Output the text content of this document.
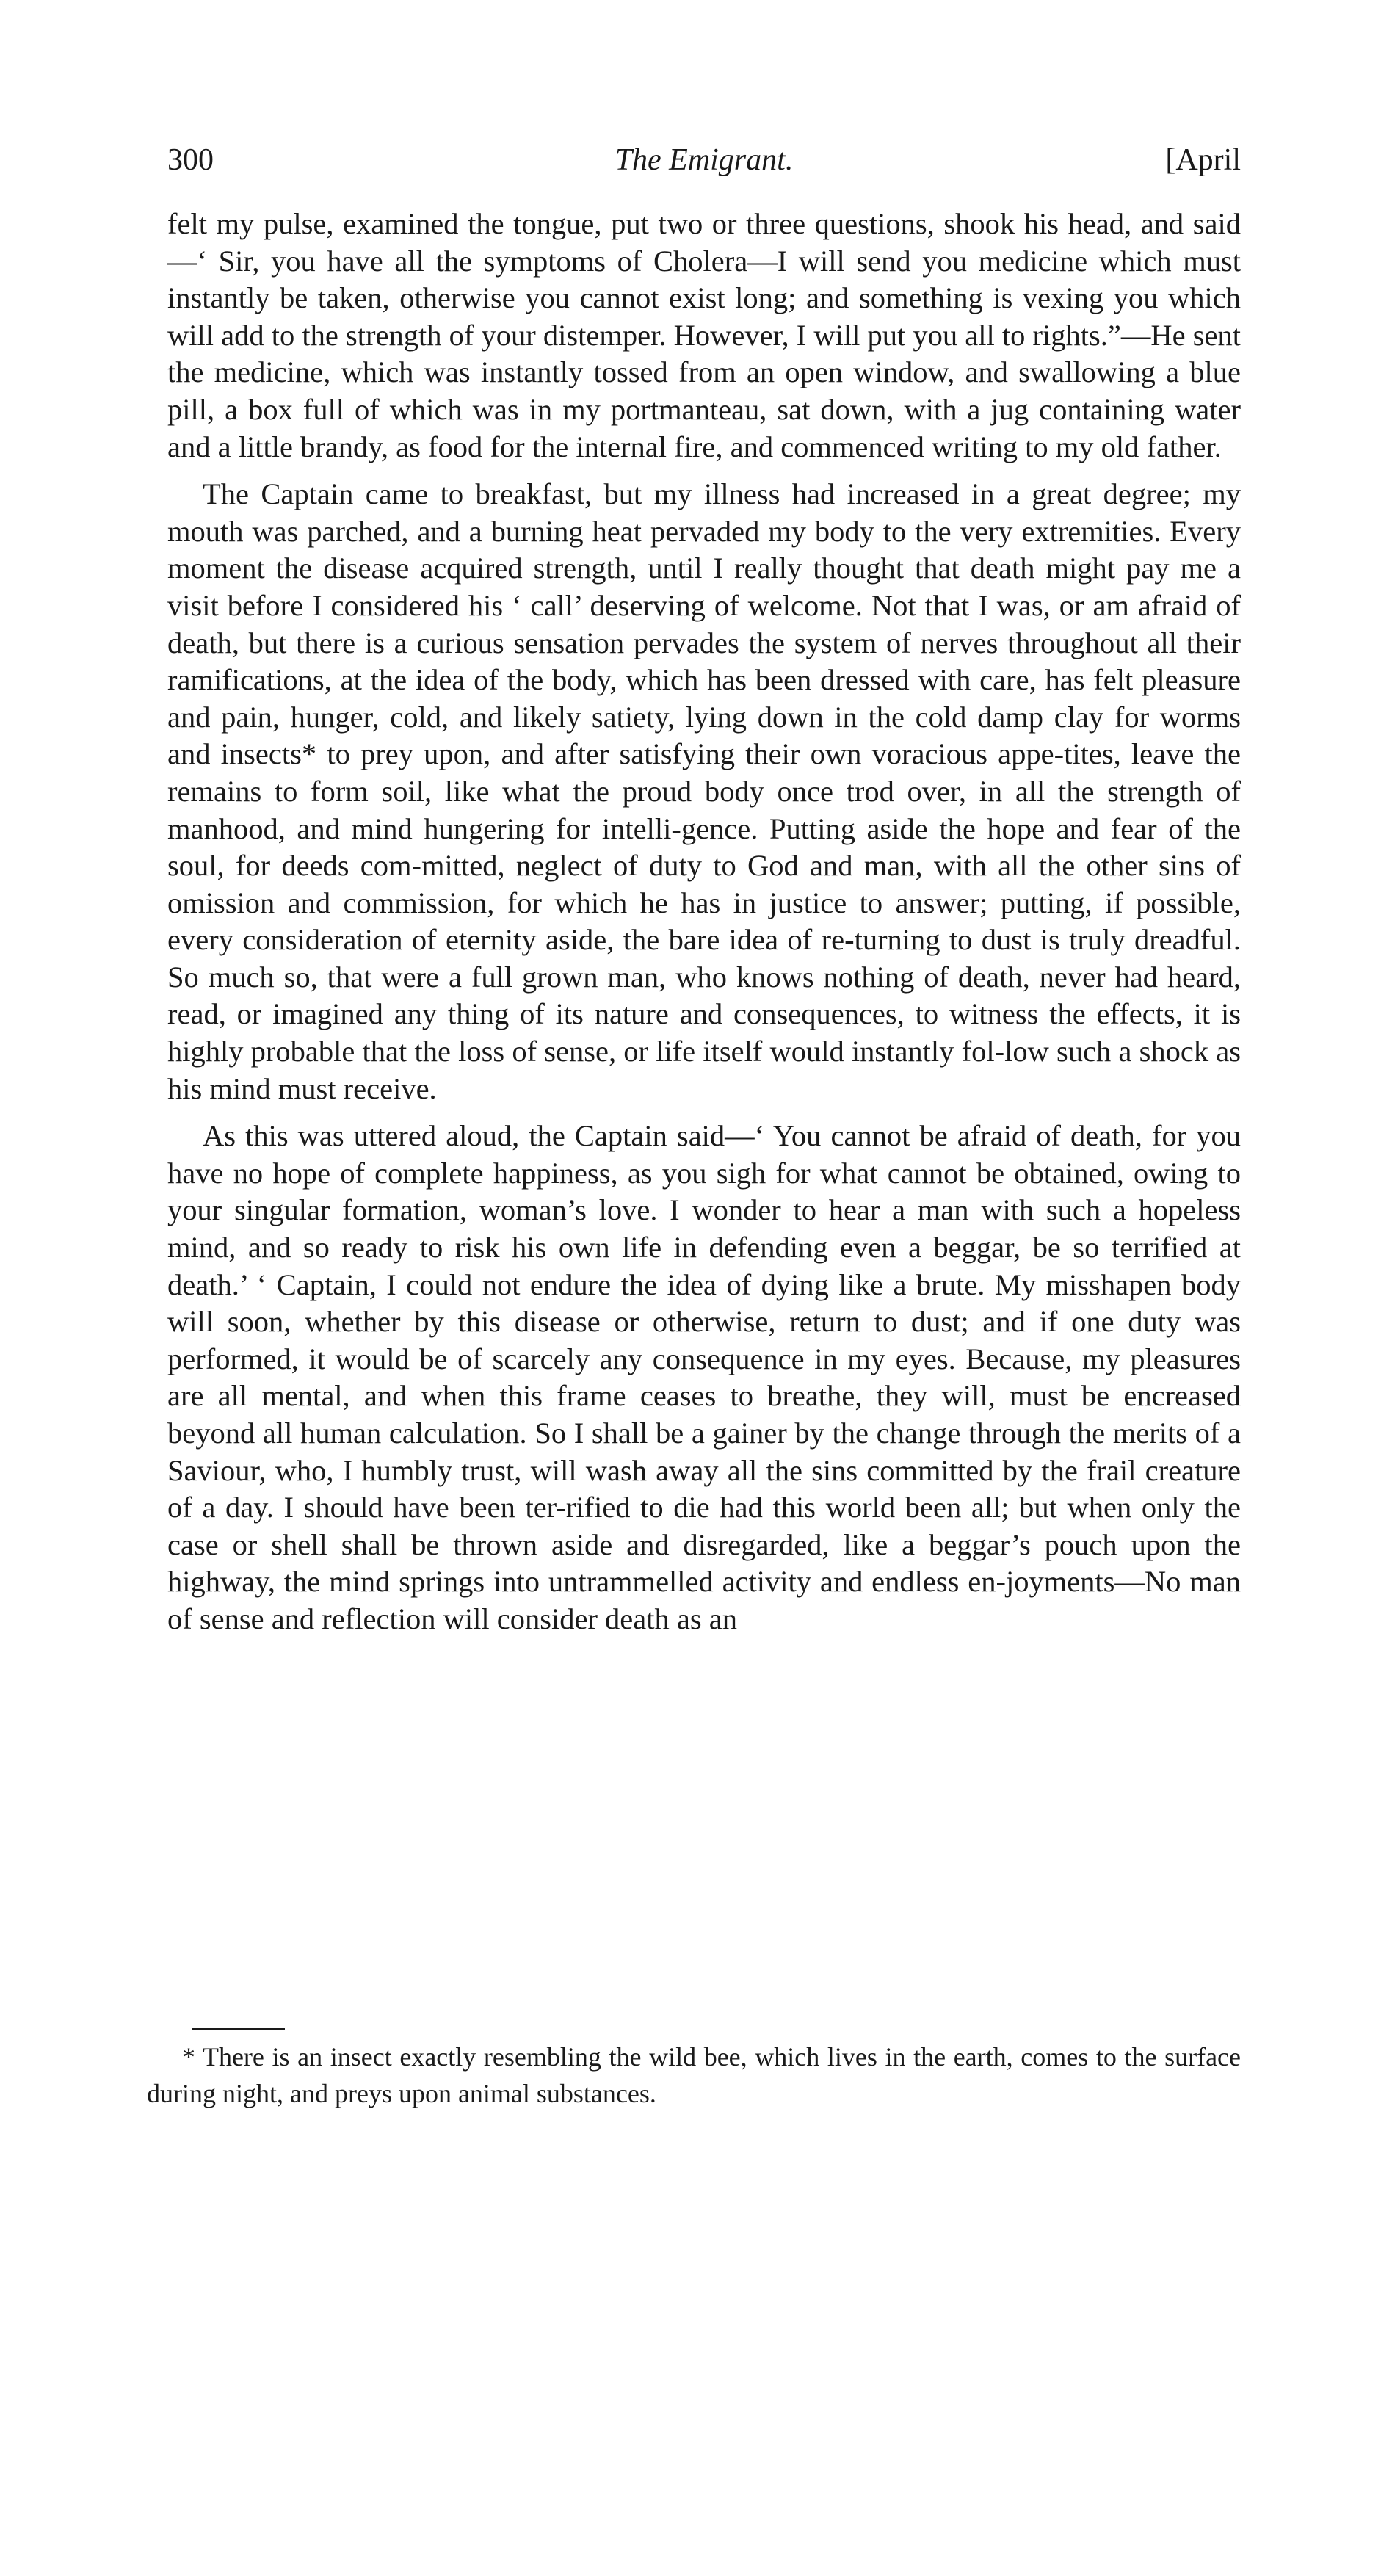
300	The Emigrant.	[April

felt my pulse, examined the tongue, put two or three questions, shook his head, and said—‘ Sir, you have all the symptoms of Cholera—I will send you medicine which must instantly be taken, otherwise you cannot exist long; and something is vexing you which will add to the strength of your distemper. However, I will put you all to rights.”—He sent the medicine, which was instantly tossed from an open window, and swallowing a blue pill, a box full of which was in my portmanteau, sat down, with a jug containing water and a little brandy, as food for the internal fire, and commenced writing to my old father.

The Captain came to breakfast, but my illness had increased in a great degree; my mouth was parched, and a burning heat pervaded my body to the very extremities. Every moment the disease acquired strength, until I really thought that death might pay me a visit before I considered his ‘ call’ deserving of welcome. Not that I was, or am afraid of death, but there is a curious sensation pervades the system of nerves throughout all their ramifications, at the idea of the body, which has been dressed with care, has felt pleasure and pain, hunger, cold, and likely satiety, lying down in the cold damp clay for worms and insects* to prey upon, and after satisfying their own voracious appe-tites, leave the remains to form soil, like what the proud body once trod over, in all the strength of manhood, and mind hungering for intelli-gence. Putting aside the hope and fear of the soul, for deeds com-mitted, neglect of duty to God and man, with all the other sins of omission and commission, for which he has in justice to answer; putting, if possible, every consideration of eternity aside, the bare idea of re-turning to dust is truly dreadful. So much so, that were a full grown man, who knows nothing of death, never had heard, read, or imagined any thing of its nature and consequences, to witness the effects, it is highly probable that the loss of sense, or life itself would instantly fol-low such a shock as his mind must receive.

As this was uttered aloud, the Captain said—‘ You cannot be afraid of death, for you have no hope of complete happiness, as you sigh for what cannot be obtained, owing to your singular formation, woman’s love. I wonder to hear a man with such a hopeless mind, and so ready to risk his own life in defending even a beggar, be so terrified at death.’ ‘ Captain, I could not endure the idea of dying like a brute. My misshapen body will soon, whether by this disease or otherwise, return to dust; and if one duty was performed, it would be of scarcely any consequence in my eyes. Because, my pleasures are all mental, and when this frame ceases to breathe, they will, must be encreased beyond all human calculation. So I shall be a gainer by the change through the merits of a Saviour, who, I humbly trust, will wash away all the sins committed by the frail creature of a day. I should have been ter-rified to die had this world been all; but when only the case or shell shall be thrown aside and disregarded, like a beggar’s pouch upon the highway, the mind springs into untrammelled activity and endless en-joyments—No man of sense and reflection will consider death as an

* There is an insect exactly resembling the wild bee, which lives in the earth, comes to the surface during night, and preys upon animal substances.
